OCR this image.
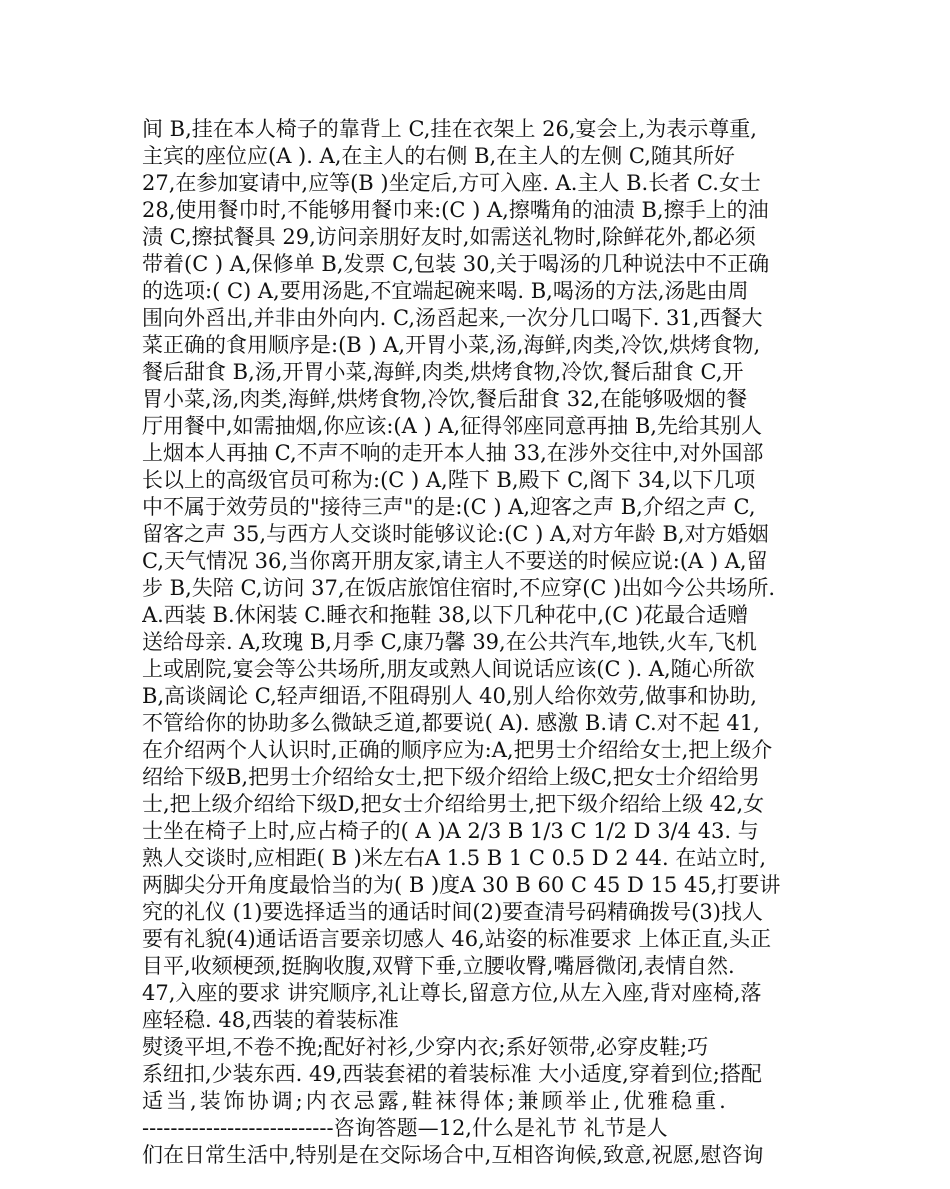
间 B,挂在本人椅子的靠背上 C,挂在衣架上 26,宴会上,为表示尊重,
主宾的座位应(A ). A,在主人的右侧 B,在主人的左侧 C,随其所好
27,在参加宴请中,应等(B )坐定后,方可入座. A.主人 B.长者 C.女士
28,使用餐巾时,不能够用餐巾来:(C ) A,擦嘴角的油渍 B,擦手上的油
渍 C,擦拭餐具 29,访问亲朋好友时,如需送礼物时,除鲜花外,都必须
带着(C ) A,保修单 B,发票 C,包装 30,关于喝汤的几种说法中不正确
的选项:( C) A,要用汤匙,不宜端起碗来喝. B,喝汤的方法,汤匙由周
围向外舀出,并非由外向内. C,汤舀起来,一次分几口喝下. 31,西餐大
菜正确的食用顺序是:(B ) A,开胃小菜,汤,海鲜,肉类,冷饮,烘烤食物,
餐后甜食 B,汤,开胃小菜,海鲜,肉类,烘烤食物,冷饮,餐后甜食 C,开
胃小菜,汤,肉类,海鲜,烘烤食物,冷饮,餐后甜食 32,在能够吸烟的餐
厅用餐中,如需抽烟,你应该:(A ) A,征得邻座同意再抽 B,先给其别人
上烟本人再抽 C,不声不响的走开本人抽 33,在涉外交往中,对外国部
长以上的高级官员可称为:(C ) A,陛下 B,殿下 C,阁下 34,以下几项
中不属于效劳员的"接待三声"的是:(C ) A,迎客之声 B,介绍之声 C,
留客之声 35,与西方人交谈时能够议论:(C ) A,对方年龄 B,对方婚姻
C,天气情况 36,当你离开朋友家,请主人不要送的时候应说:(A ) A,留
步 B,失陪 C,访问 37,在饭店旅馆住宿时,不应穿(C )出如今公共场所.
A.西装 B.休闲装 C.睡衣和拖鞋 38,以下几种花中,(C )花最合适赠
送给母亲. A,玫瑰 B,月季 C,康乃馨 39,在公共汽车,地铁,火车,飞机
上或剧院,宴会等公共场所,朋友或熟人间说话应该(C ). A,随心所欲
B,高谈阔论 C,轻声细语,不阻碍别人 40,别人给你效劳,做事和协助,
不管给你的协助多么微缺乏道,都要说( A). 感激 B.请 C.对不起 41,
在介绍两个人认识时,正确的顺序应为:A,把男士介绍给女士,把上级介
绍给下级B,把男士介绍给女士,把下级介绍给上级C,把女士介绍给男
士,把上级介绍给下级D,把女士介绍给男士,把下级介绍给上级 42,女
士坐在椅子上时,应占椅子的( A )A 2/3 B 1/3 C 1/2 D 3/4 43. 与
熟人交谈时,应相距( B )米左右A 1.5 B 1 C 0.5 D 2 44. 在站立时,
两脚尖分开角度最恰当的为( B )度A 30 B 60 C 45 D 15 45,打要讲
究的礼仪 (1)要选择适当的通话时间(2)要查清号码精确拨号(3)找人
要有礼貌(4)通话语言要亲切感人 46,站姿的标准要求 上体正直,头正
目平,收颏梗颈,挺胸收腹,双臂下垂,立腰收臀,嘴唇微闭,表情自然.
47,入座的要求 讲究顺序,礼让尊长,留意方位,从左入座,背对座椅,落
座轻稳. 48,西装的着装标准
熨烫平坦,不卷不挽;配好衬衫,少穿内衣;系好领带,必穿皮鞋;巧
系纽扣,少装东西. 49,西装套裙的着装标准 大小适度,穿着到位;搭配
适当,装饰协调;内衣忌露,鞋袜得体;兼顾举止,优雅稳重.
---------------------------咨询答题—12,什么是礼节 礼节是人
们在日常生活中,特别是在交际场合中,互相咨询候,致意,祝愿,慰咨询
